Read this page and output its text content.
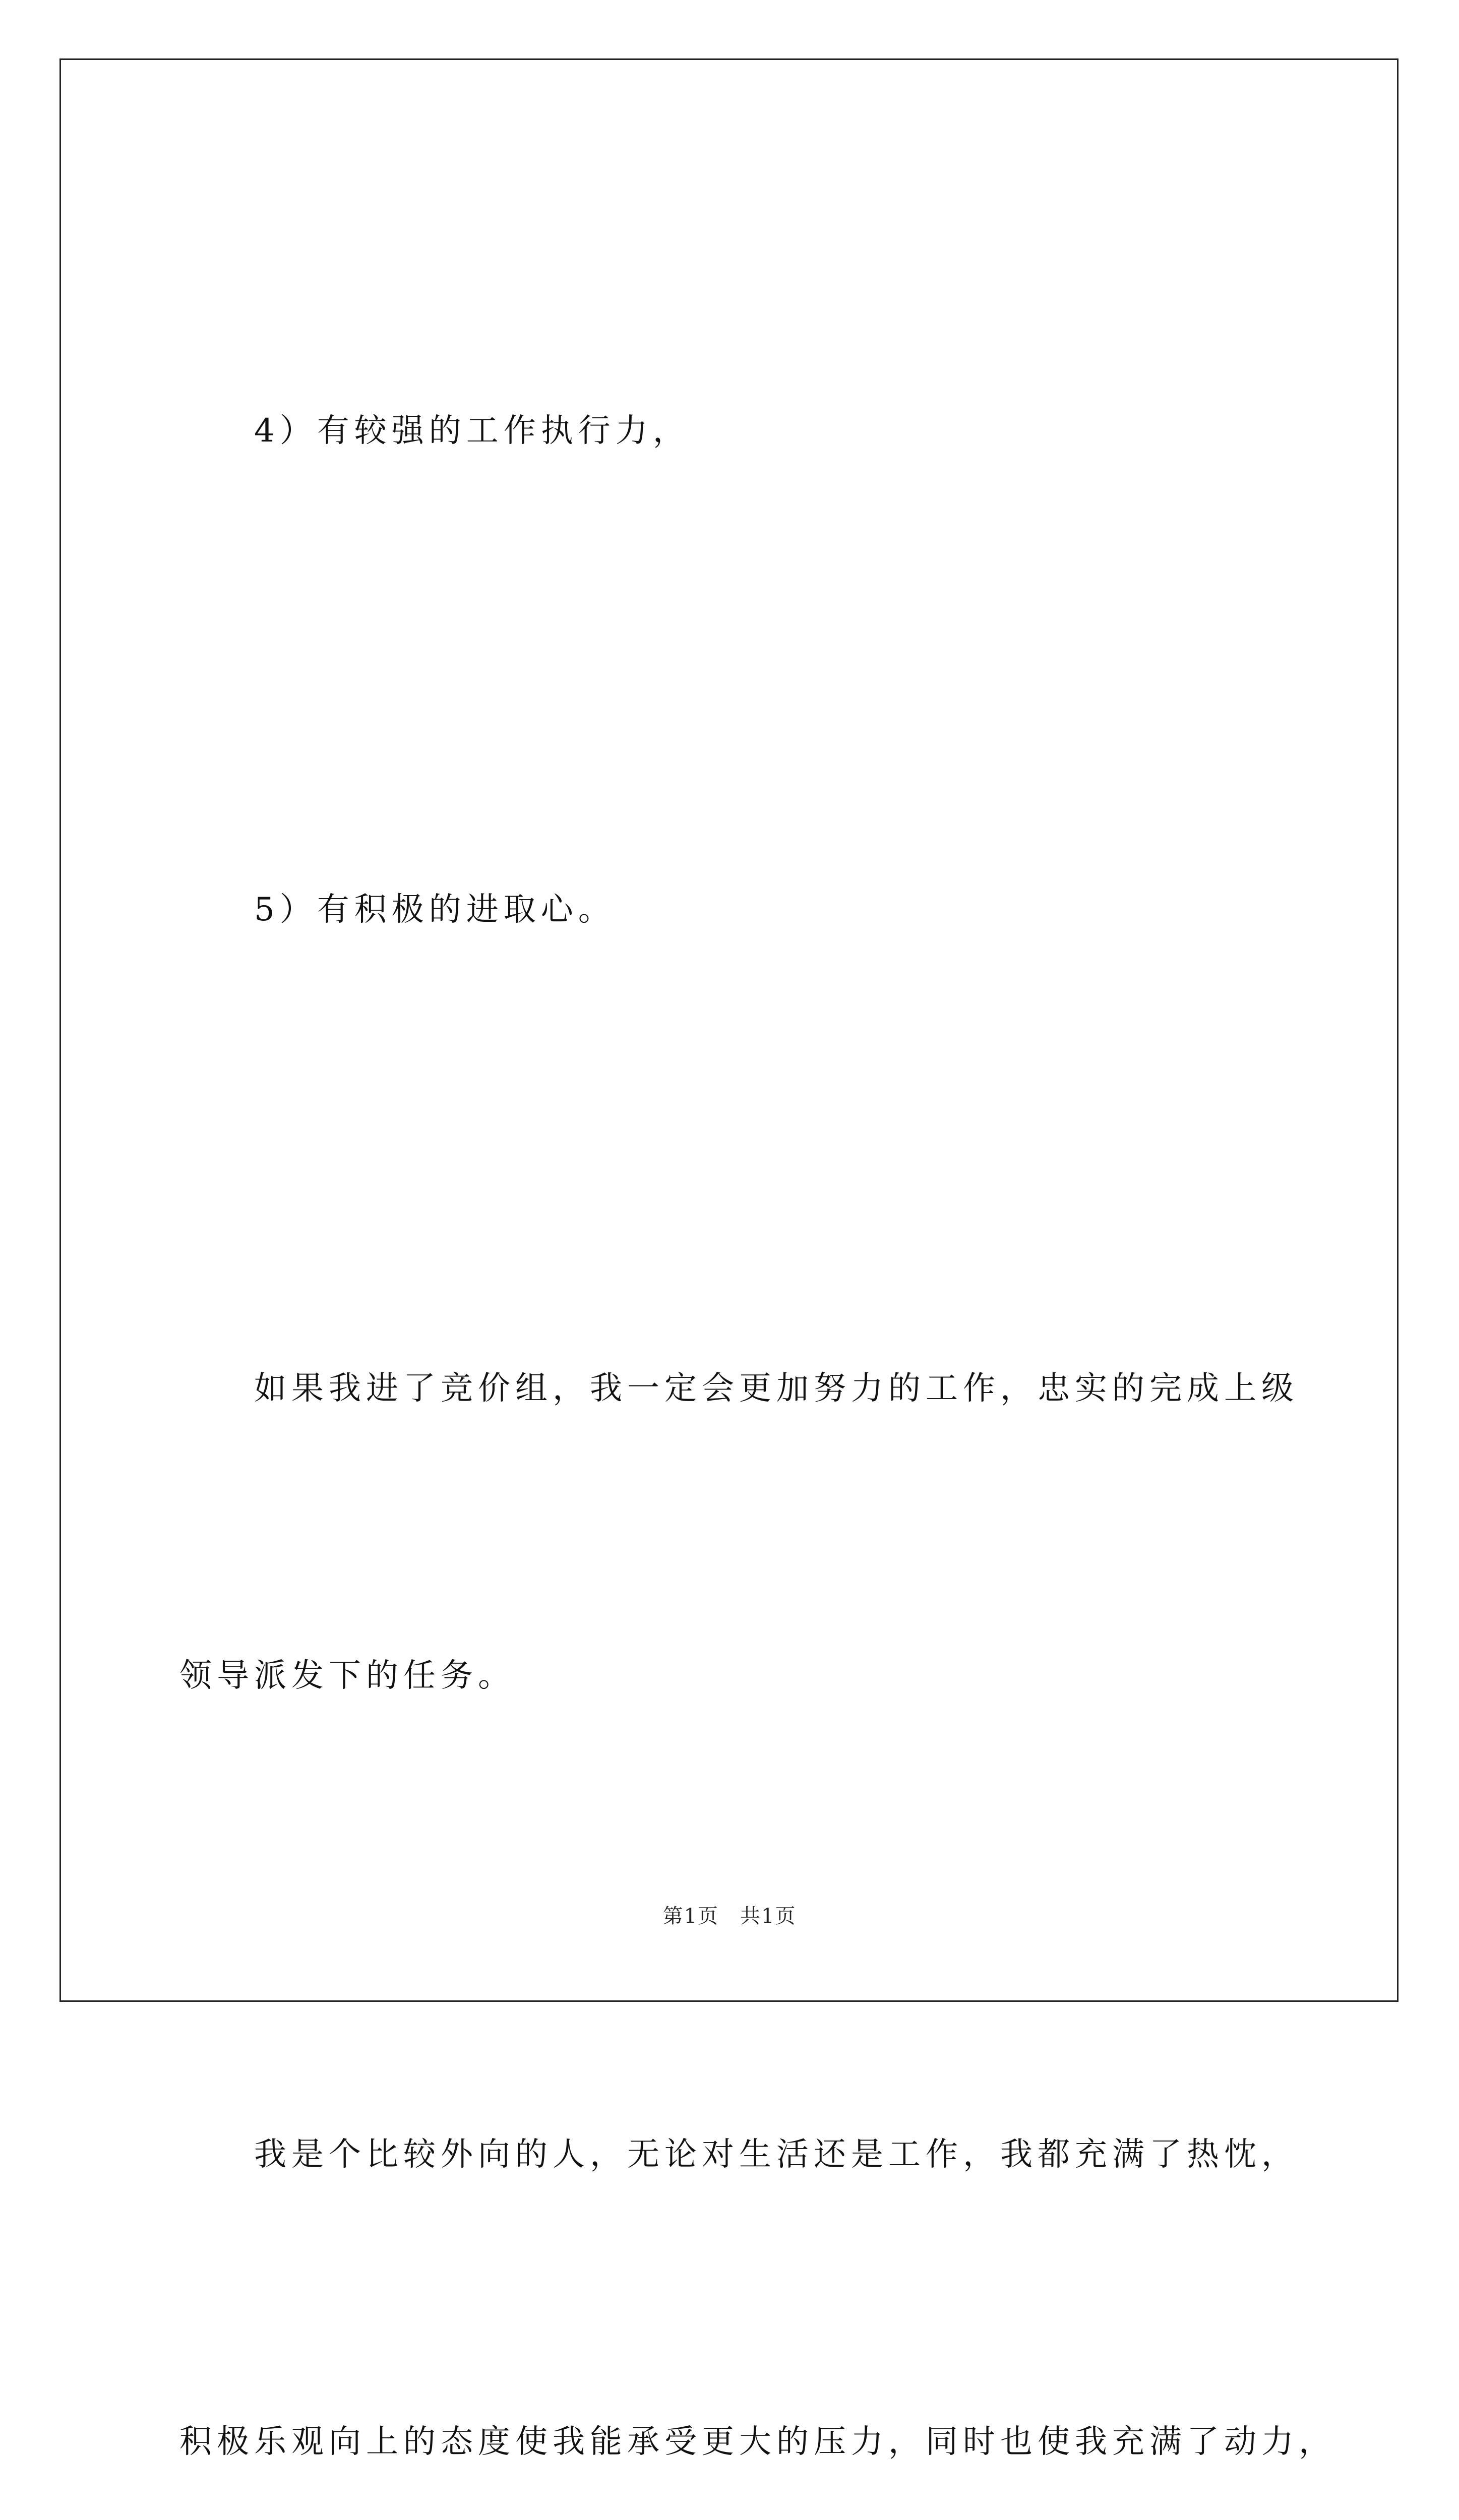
4）有较强的工作执行力，

5）有积极的进取心。

如果我进了竞价组，我一定会更加努力的工作，忠实的完成上级

领导派发下的任务。

我是个比较外向的人，无论对生活还是工作，我都充满了热忱，

积极乐观向上的态度使我能承受更大的压力，同时也使我充满了动力，

第1页　共1页
